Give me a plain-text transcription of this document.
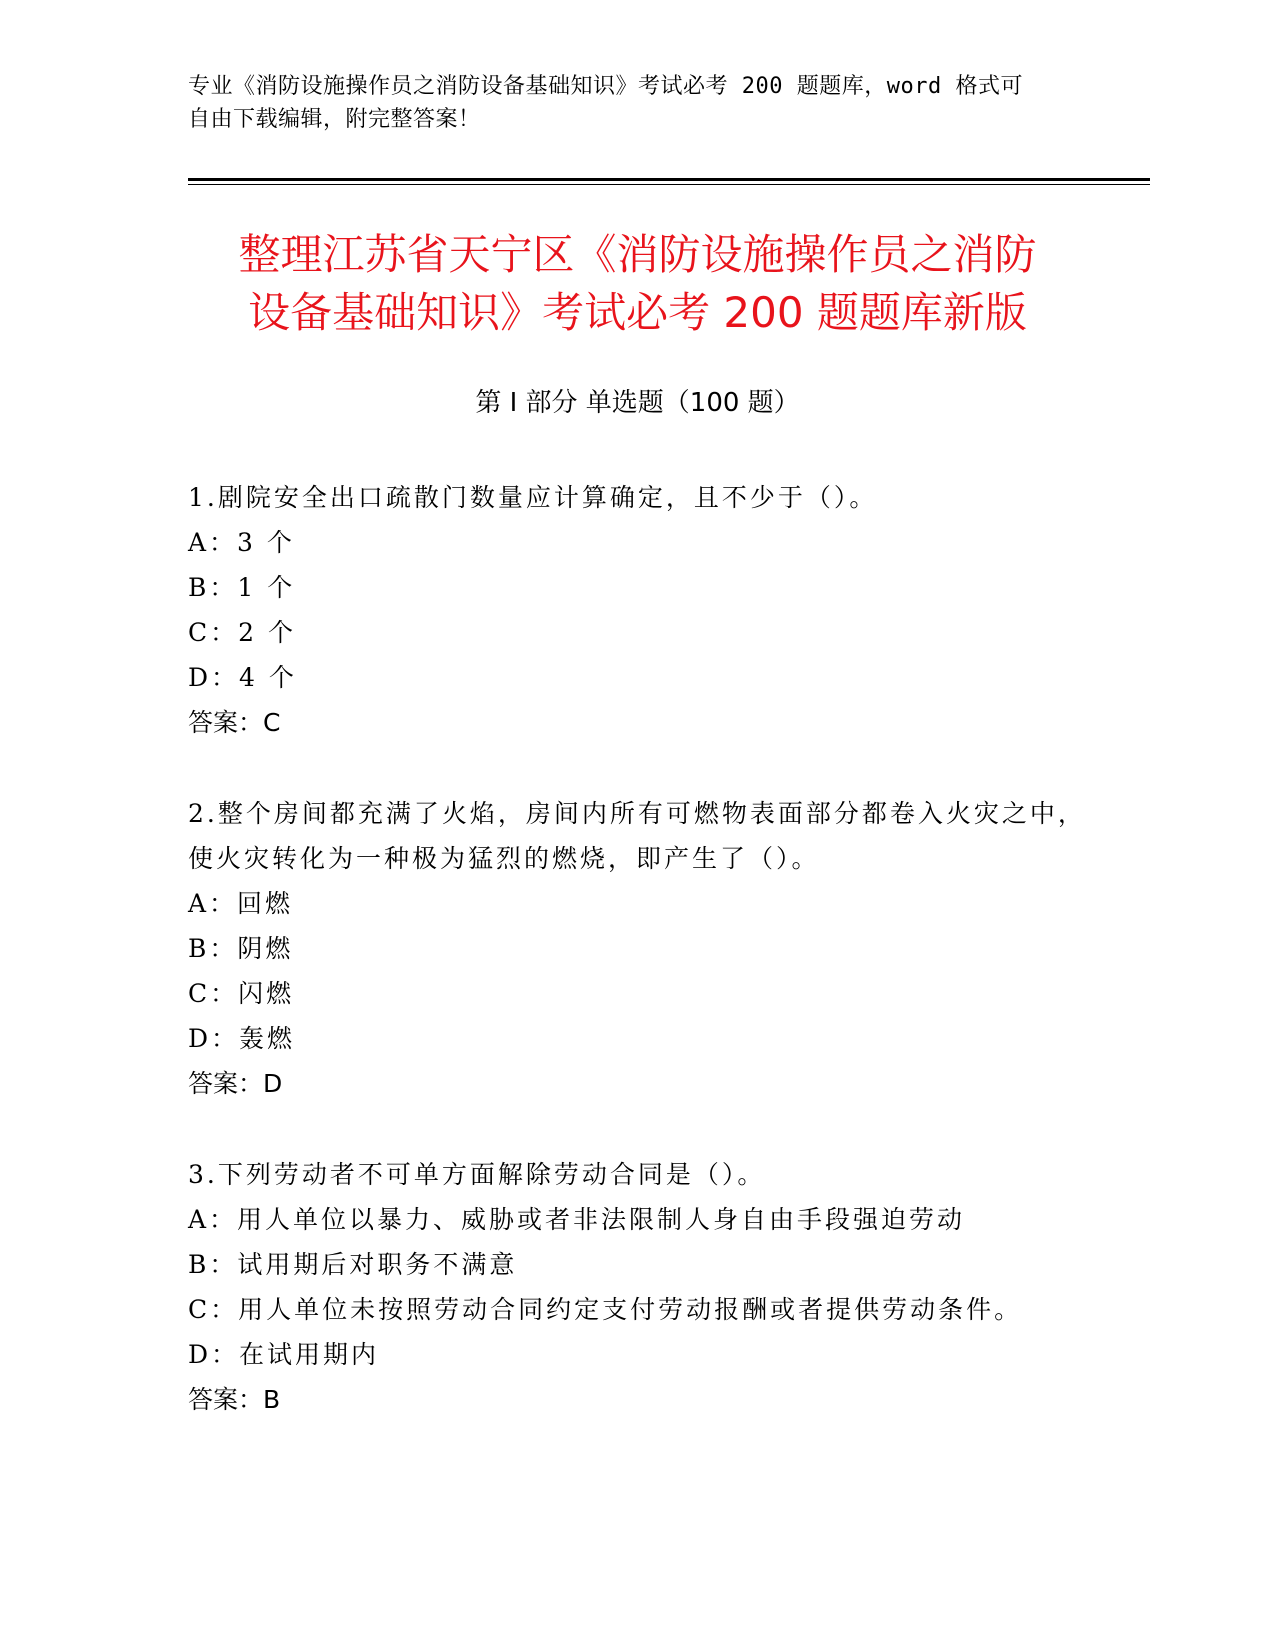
专业《消防设施操作员之消防设备基础知识》考试必考 200 题题库，word 格式可
自由下载编辑，附完整答案！
整理江苏省天宁区《消防设施操作员之消防
设备基础知识》考试必考 200 题题库新版
第 I 部分 单选题（100 题）

1.剧院安全出口疏散门数量应计算确定，且不少于（）。

A：3 个

B：1 个

C：2 个

D：4 个

答案：C

2.整个房间都充满了火焰，房间内所有可燃物表面部分都卷入火灾之中，使火灾转化为一种极为猛烈的燃烧，即产生了（）。

A：回燃

B：阴燃

C：闪燃

D：轰燃

答案：D

3.下列劳动者不可单方面解除劳动合同是（）。

A：用人单位以暴力、威胁或者非法限制人身自由手段强迫劳动

B：试用期后对职务不满意

C：用人单位未按照劳动合同约定支付劳动报酬或者提供劳动条件。

D：在试用期内

答案：B
